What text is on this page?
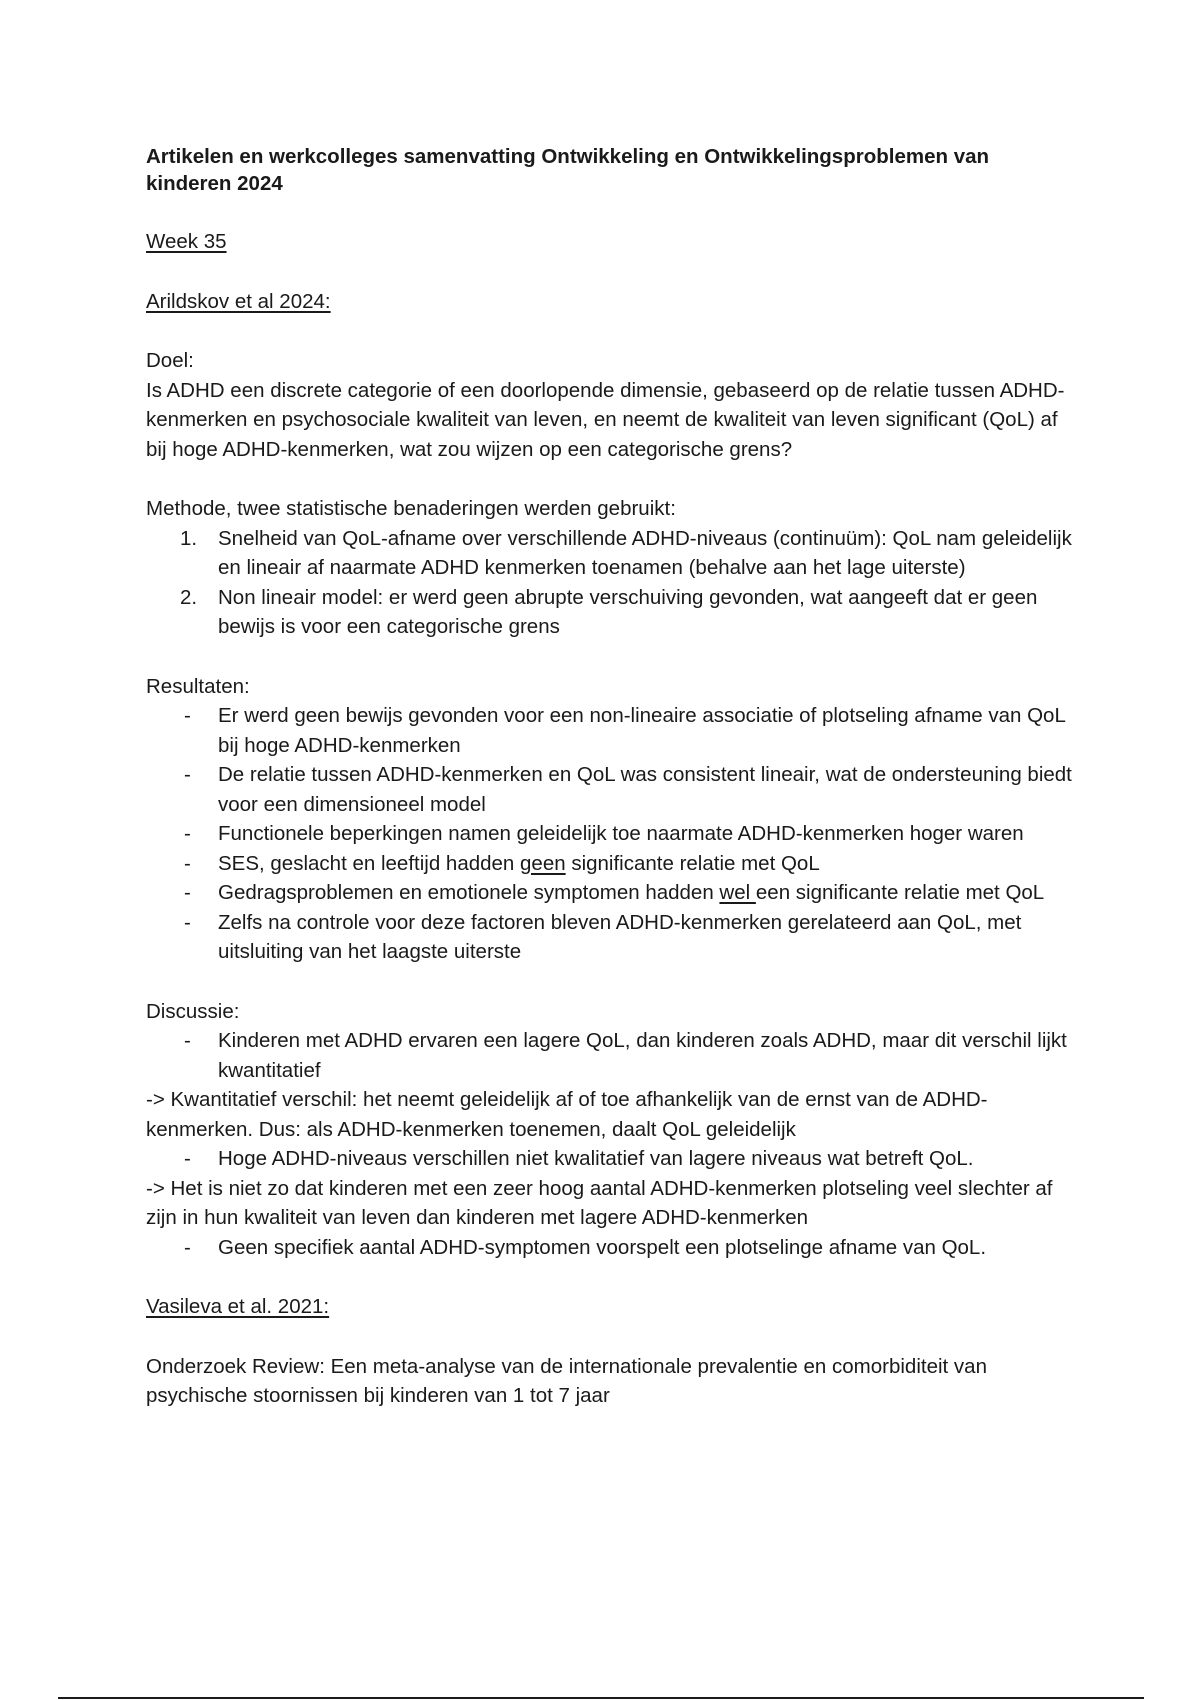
Artikelen en werkcolleges samenvatting Ontwikkeling en Ontwikkelingsproblemen van kinderen 2024

Week 35

Arildskov et al 2024:

Doel:

Is ADHD een discrete categorie of een doorlopende dimensie, gebaseerd op de relatie tussen ADHD-kenmerken en psychosociale kwaliteit van leven, en neemt de kwaliteit van leven significant (QoL) af bij hoge ADHD-kenmerken, wat zou wijzen op een categorische grens?

Methode, twee statistische benaderingen werden gebruikt:

1. Snelheid van QoL-afname over verschillende ADHD-niveaus (continuüm): QoL nam geleidelijk en lineair af naarmate ADHD kenmerken toenamen (behalve aan het lage uiterste)
2. Non lineair model: er werd geen abrupte verschuiving gevonden, wat aangeeft dat er geen bewijs is voor een categorische grens

Resultaten:

- Er werd geen bewijs gevonden voor een non-lineaire associatie of plotseling afname van QoL bij hoge ADHD-kenmerken
- De relatie tussen ADHD-kenmerken en QoL was consistent lineair, wat de ondersteuning biedt voor een dimensioneel model
- Functionele beperkingen namen geleidelijk toe naarmate ADHD-kenmerken hoger waren
- SES, geslacht en leeftijd hadden geen significante relatie met QoL
- Gedragsproblemen en emotionele symptomen hadden wel een significante relatie met QoL
- Zelfs na controle voor deze factoren bleven ADHD-kenmerken gerelateerd aan QoL, met uitsluiting van het laagste uiterste

Discussie:

- Kinderen met ADHD ervaren een lagere QoL, dan kinderen zoals ADHD, maar dit verschil lijkt kwantitatief

-> Kwantitatief verschil: het neemt geleidelijk af of toe afhankelijk van de ernst van de ADHD-kenmerken. Dus: als ADHD-kenmerken toenemen, daalt QoL geleidelijk

- Hoge ADHD-niveaus verschillen niet kwalitatief van lagere niveaus wat betreft QoL.

-> Het is niet zo dat kinderen met een zeer hoog aantal ADHD-kenmerken plotseling veel slechter af zijn in hun kwaliteit van leven dan kinderen met lagere ADHD-kenmerken

- Geen specifiek aantal ADHD-symptomen voorspelt een plotselinge afname van QoL.

Vasileva et al. 2021:

Onderzoek Review: Een meta-analyse van de internationale prevalentie en comorbiditeit van psychische stoornissen bij kinderen van 1 tot 7 jaar
